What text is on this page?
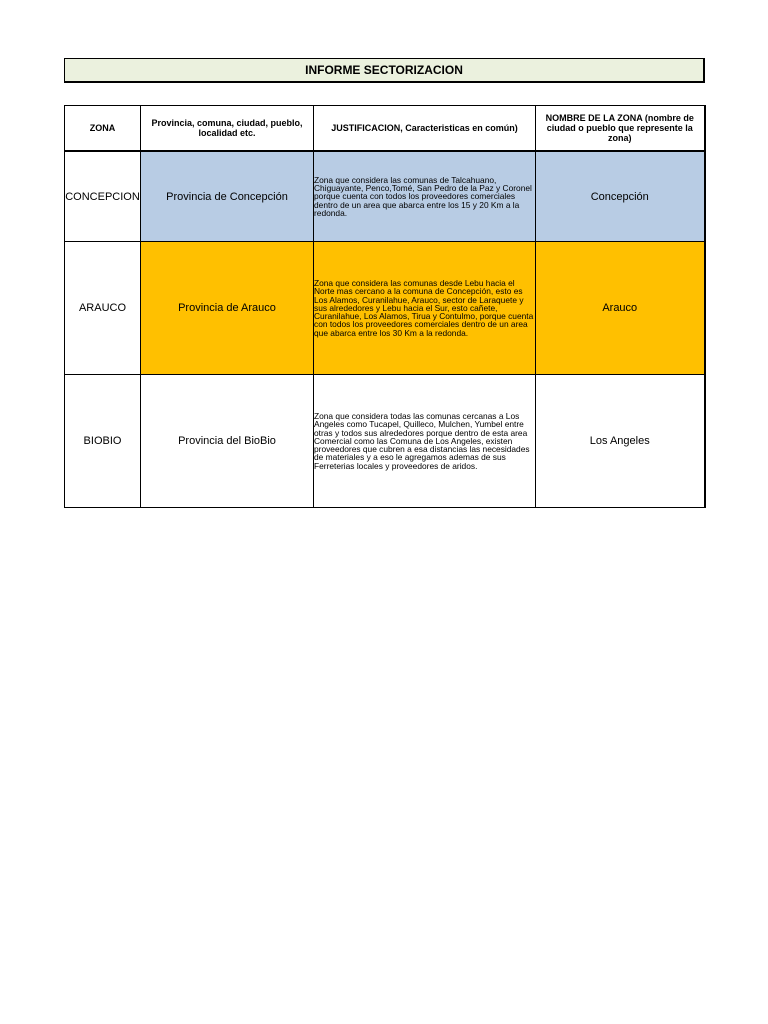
INFORME SECTORIZACION
ZONA	Provincia, comuna, ciudad, pueblo, localidad etc.	JUSTIFICACION, Caracteristicas en común)	NOMBRE DE LA ZONA (nombre de ciudad o pueblo que represente la zona)
CONCEPCION	Provincia de Concepción	Zona que considera las comunas de Talcahuano, Chiguayante, Penco,Tomé, San Pedro de la Paz y Coronel porque cuenta con todos los proveedores comerciales dentro de un area que abarca entre los 15 y 20 Km a la redonda.	Concepción
ARAUCO	Provincia de Arauco	Zona que considera las comunas desde Lebu hacia el Norte mas cercano a la comuna de Concepción, esto es Los Alamos, Curanilahue, Arauco, sector de Laraquete y sus alrededores y Lebu hacia el Sur, esto cañete, Curanilahue, Los Alamos, Tirua y Contulmo, porque cuenta con todos los proveedores comerciales dentro de un area que abarca entre los 30 Km a la redonda.	Arauco
BIOBIO	Provincia del BioBio	Zona que considera todas las comunas cercanas a Los Angeles como Tucapel, Quilleco, Mulchen, Yumbel entre otras y todos sus alrededores porque dentro de esta area Comercial como las Comuna de Los Angeles, existen proveedores que cubren a esa distancias las necesidades de materiales y a eso le agregamos ademas de sus Ferreterias locales y proveedores de aridos.	Los Angeles
